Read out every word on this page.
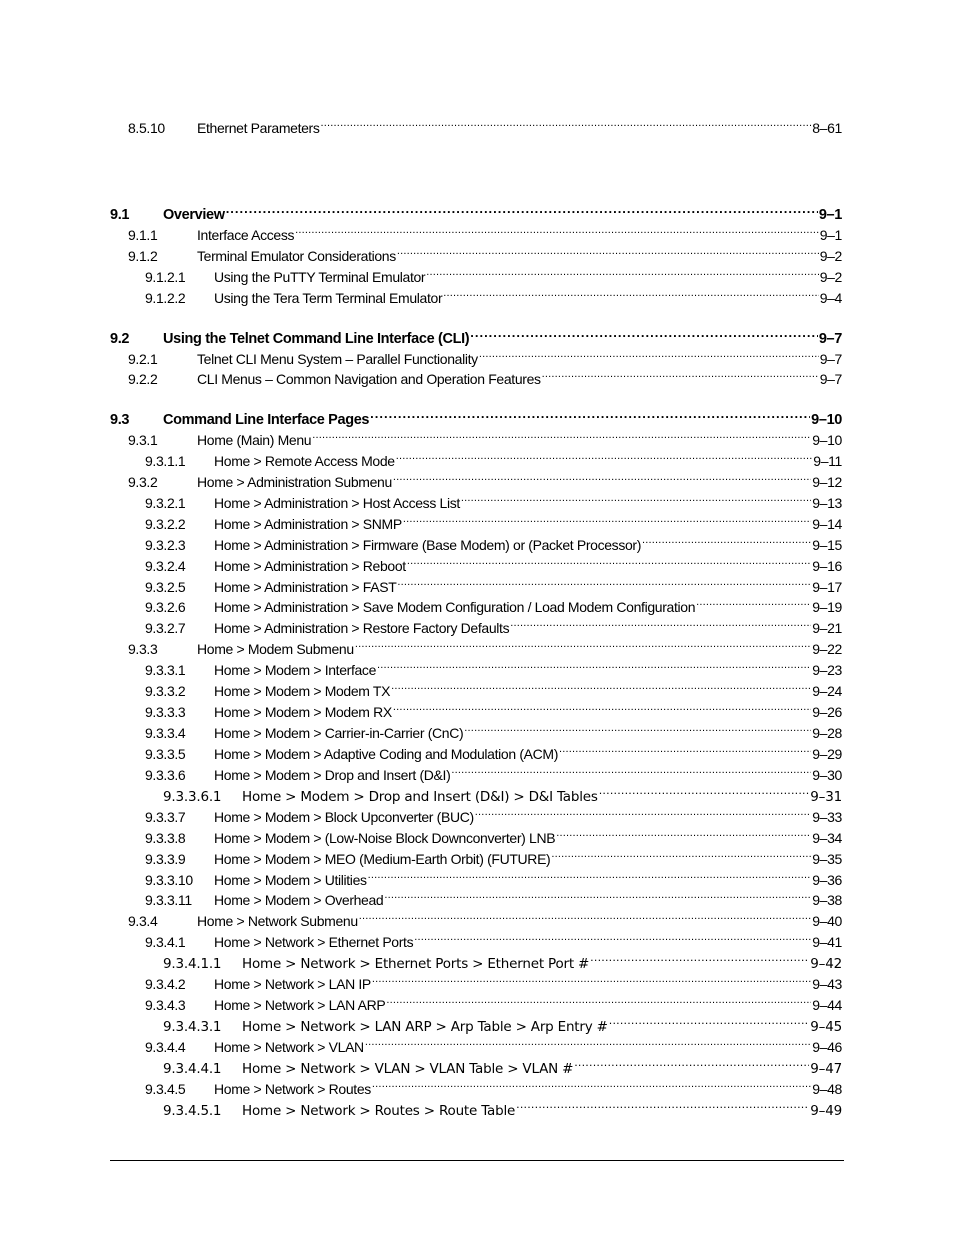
8.5.10	Ethernet Parameters .....	8–61
9.1	Overview .....	9–1
9.1.1	Interface Access .....	9–1
9.1.2	Terminal Emulator Considerations .....	9–2
9.1.2.1	Using the PuTTY Terminal Emulator .....	9–2
9.1.2.2	Using the Tera Term Terminal Emulator .....	9–4
9.2	Using the Telnet Command Line Interface (CLI) .....	9–7
9.2.1	Telnet CLI Menu System – Parallel Functionality .....	9–7
9.2.2	CLI Menus – Common Navigation and Operation Features .....	9–7
9.3	Command Line Interface Pages .....	9–10
9.3.1	Home (Main) Menu .....	9–10
9.3.1.1	Home > Remote Access Mode .....	9–11
9.3.2	Home > Administration Submenu .....	9–12
9.3.2.1	Home > Administration > Host Access List .....	9–13
9.3.2.2	Home > Administration > SNMP .....	9–14
9.3.2.3	Home > Administration > Firmware (Base Modem) or (Packet Processor) .....	9–15
9.3.2.4	Home > Administration > Reboot .....	9–16
9.3.2.5	Home > Administration > FAST .....	9–17
9.3.2.6	Home > Administration > Save Modem Configuration / Load Modem Configuration .....	9–19
9.3.2.7	Home > Administration > Restore Factory Defaults .....	9–21
9.3.3	Home > Modem Submenu .....	9–22
9.3.3.1	Home > Modem > Interface .....	9–23
9.3.3.2	Home > Modem > Modem TX .....	9–24
9.3.3.3	Home > Modem > Modem RX .....	9–26
9.3.3.4	Home > Modem > Carrier-in-Carrier (CnC) .....	9–28
9.3.3.5	Home > Modem > Adaptive Coding and Modulation (ACM) .....	9–29
9.3.3.6	Home > Modem > Drop and Insert (D&I) .....	9–30
9.3.3.6.1	Home > Modem > Drop and Insert (D&I) > D&I Tables .....	9–31
9.3.3.7	Home > Modem > Block Upconverter (BUC) .....	9–33
9.3.3.8	Home > Modem > (Low-Noise Block Downconverter) LNB .....	9–34
9.3.3.9	Home > Modem > MEO (Medium-Earth Orbit) (FUTURE) .....	9–35
9.3.3.10	Home > Modem > Utilities .....	9–36
9.3.3.11	Home > Modem > Overhead .....	9–38
9.3.4	Home > Network Submenu .....	9–40
9.3.4.1	Home > Network > Ethernet Ports .....	9–41
9.3.4.1.1	Home > Network > Ethernet Ports > Ethernet Port # .....	9–42
9.3.4.2	Home > Network > LAN IP .....	9–43
9.3.4.3	Home > Network > LAN ARP .....	9–44
9.3.4.3.1	Home > Network > LAN ARP > Arp Table > Arp Entry # .....	9–45
9.3.4.4	Home > Network > VLAN .....	9–46
9.3.4.4.1	Home > Network > VLAN > VLAN Table > VLAN # .....	9–47
9.3.4.5	Home > Network > Routes .....	9–48
9.3.4.5.1	Home > Network > Routes > Route Table .....	9–49
